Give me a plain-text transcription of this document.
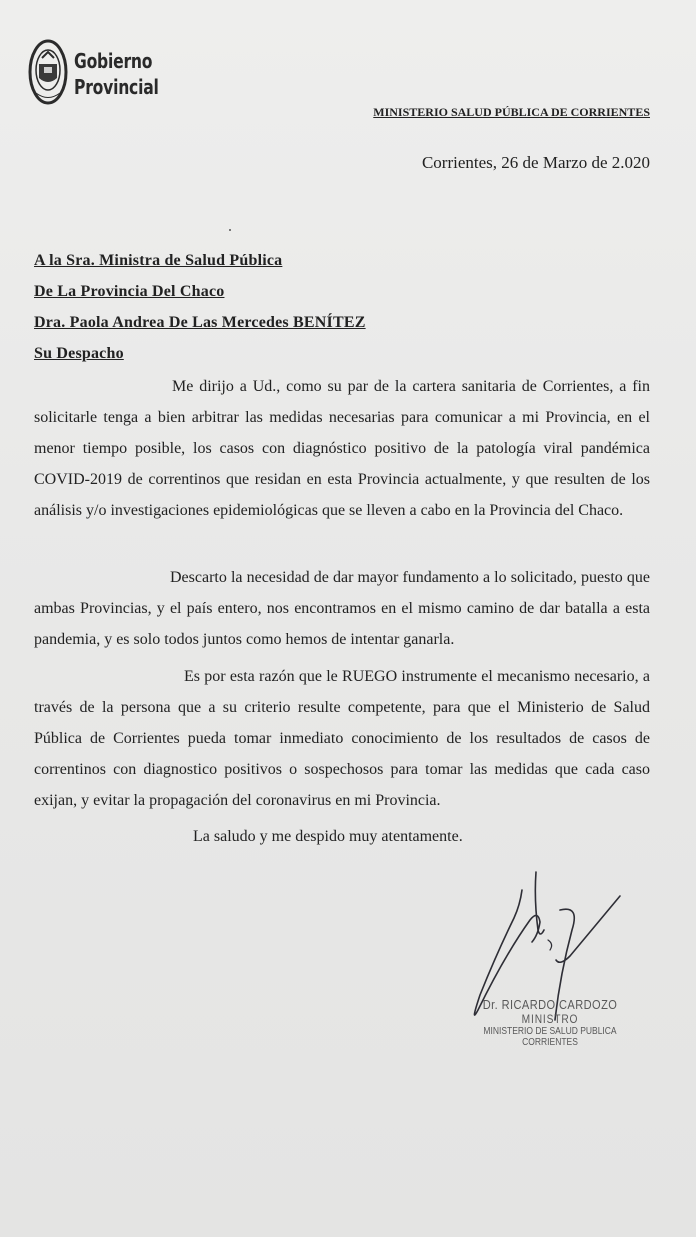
Gobierno
Provincial
MINISTERIO SALUD PÚBLICA DE CORRIENTES
Corrientes, 26 de Marzo de 2.020
A la Sra. Ministra de Salud Pública
De La Provincia Del Chaco
Dra. Paola Andrea De Las Mercedes BENÍTEZ
Su Despacho

Me dirijo a Ud., como su par de la cartera sanitaria de Corrientes, a fin solicitarle tenga a bien arbitrar las medidas necesarias para comunicar a mi Provincia, en el menor tiempo posible, los casos con diagnóstico positivo de la patología viral pandémica COVID-2019 de correntinos que residan en esta Provincia actualmente, y que resulten de los análisis y/o investigaciones epidemiológicas que se lleven a cabo en la Provincia del Chaco.

Descarto la necesidad de dar mayor fundamento a lo solicitado, puesto que ambas Provincias, y el país entero, nos encontramos en el mismo camino de dar batalla a esta pandemia, y es solo todos juntos como hemos de intentar ganarla.

Es por esta razón que le RUEGO instrumente el mecanismo necesario, a través de la persona que a su criterio resulte competente, para que el Ministerio de Salud Pública de Corrientes pueda tomar inmediato conocimiento de los resultados de casos de correntinos con diagnostico positivos o sospechosos para tomar las medidas que cada caso exijan, y evitar la propagación del coronavirus en mi Provincia.

La saludo y me despido muy atentamente.
Dr. RICARDO CARDOZO
MINISTRO
MINISTERIO DE SALUD PUBLICA
CORRIENTES
